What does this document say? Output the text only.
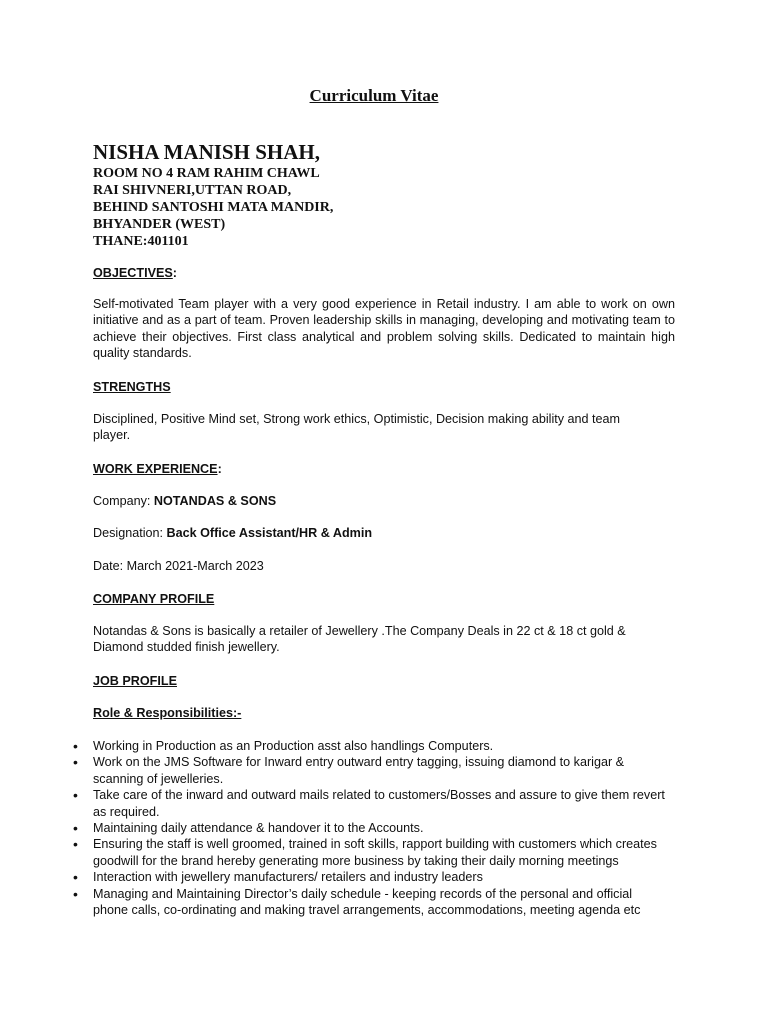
Curriculum Vitae
NISHA MANISH SHAH,
ROOM NO 4 RAM RAHIM CHAWL
RAI SHIVNERI,UTTAN ROAD,
BEHIND SANTOSHI MATA MANDIR,
BHYANDER (WEST)
THANE:401101
OBJECTIVES:
Self-motivated Team player with a very good experience in Retail industry. I am able to work on own initiative and as a part of team. Proven leadership skills in managing, developing and motivating team to achieve their objectives. First class analytical and problem solving skills. Dedicated to maintain high quality standards.
STRENGTHS
Disciplined, Positive Mind set, Strong work ethics, Optimistic, Decision making ability and team player.
WORK EXPERIENCE:
Company: NOTANDAS & SONS
Designation: Back Office Assistant/HR & Admin
Date: March 2021-March 2023
COMPANY PROFILE
Notandas & Sons is basically a retailer of Jewellery .The Company Deals in 22 ct & 18 ct gold & Diamond studded finish jewellery.
JOB PROFILE
Role & Responsibilities:-
• Working in Production as an Production asst also handlings Computers.
• Work on the JMS Software for Inward entry outward entry tagging, issuing diamond to karigar & scanning of jewelleries.
• Take care of the inward and outward mails related to customers/Bosses and assure to give them revert as required.
• Maintaining daily attendance & handover it to the Accounts.
• Ensuring the staff is well groomed, trained in soft skills, rapport building with customers which creates goodwill for the brand hereby generating more business by taking their daily morning meetings
• Interaction with jewellery manufacturers/ retailers and industry leaders
• Managing and Maintaining Director’s daily schedule - keeping records of the personal and official phone calls, co-ordinating and making travel arrangements, accommodations, meeting agenda etc
